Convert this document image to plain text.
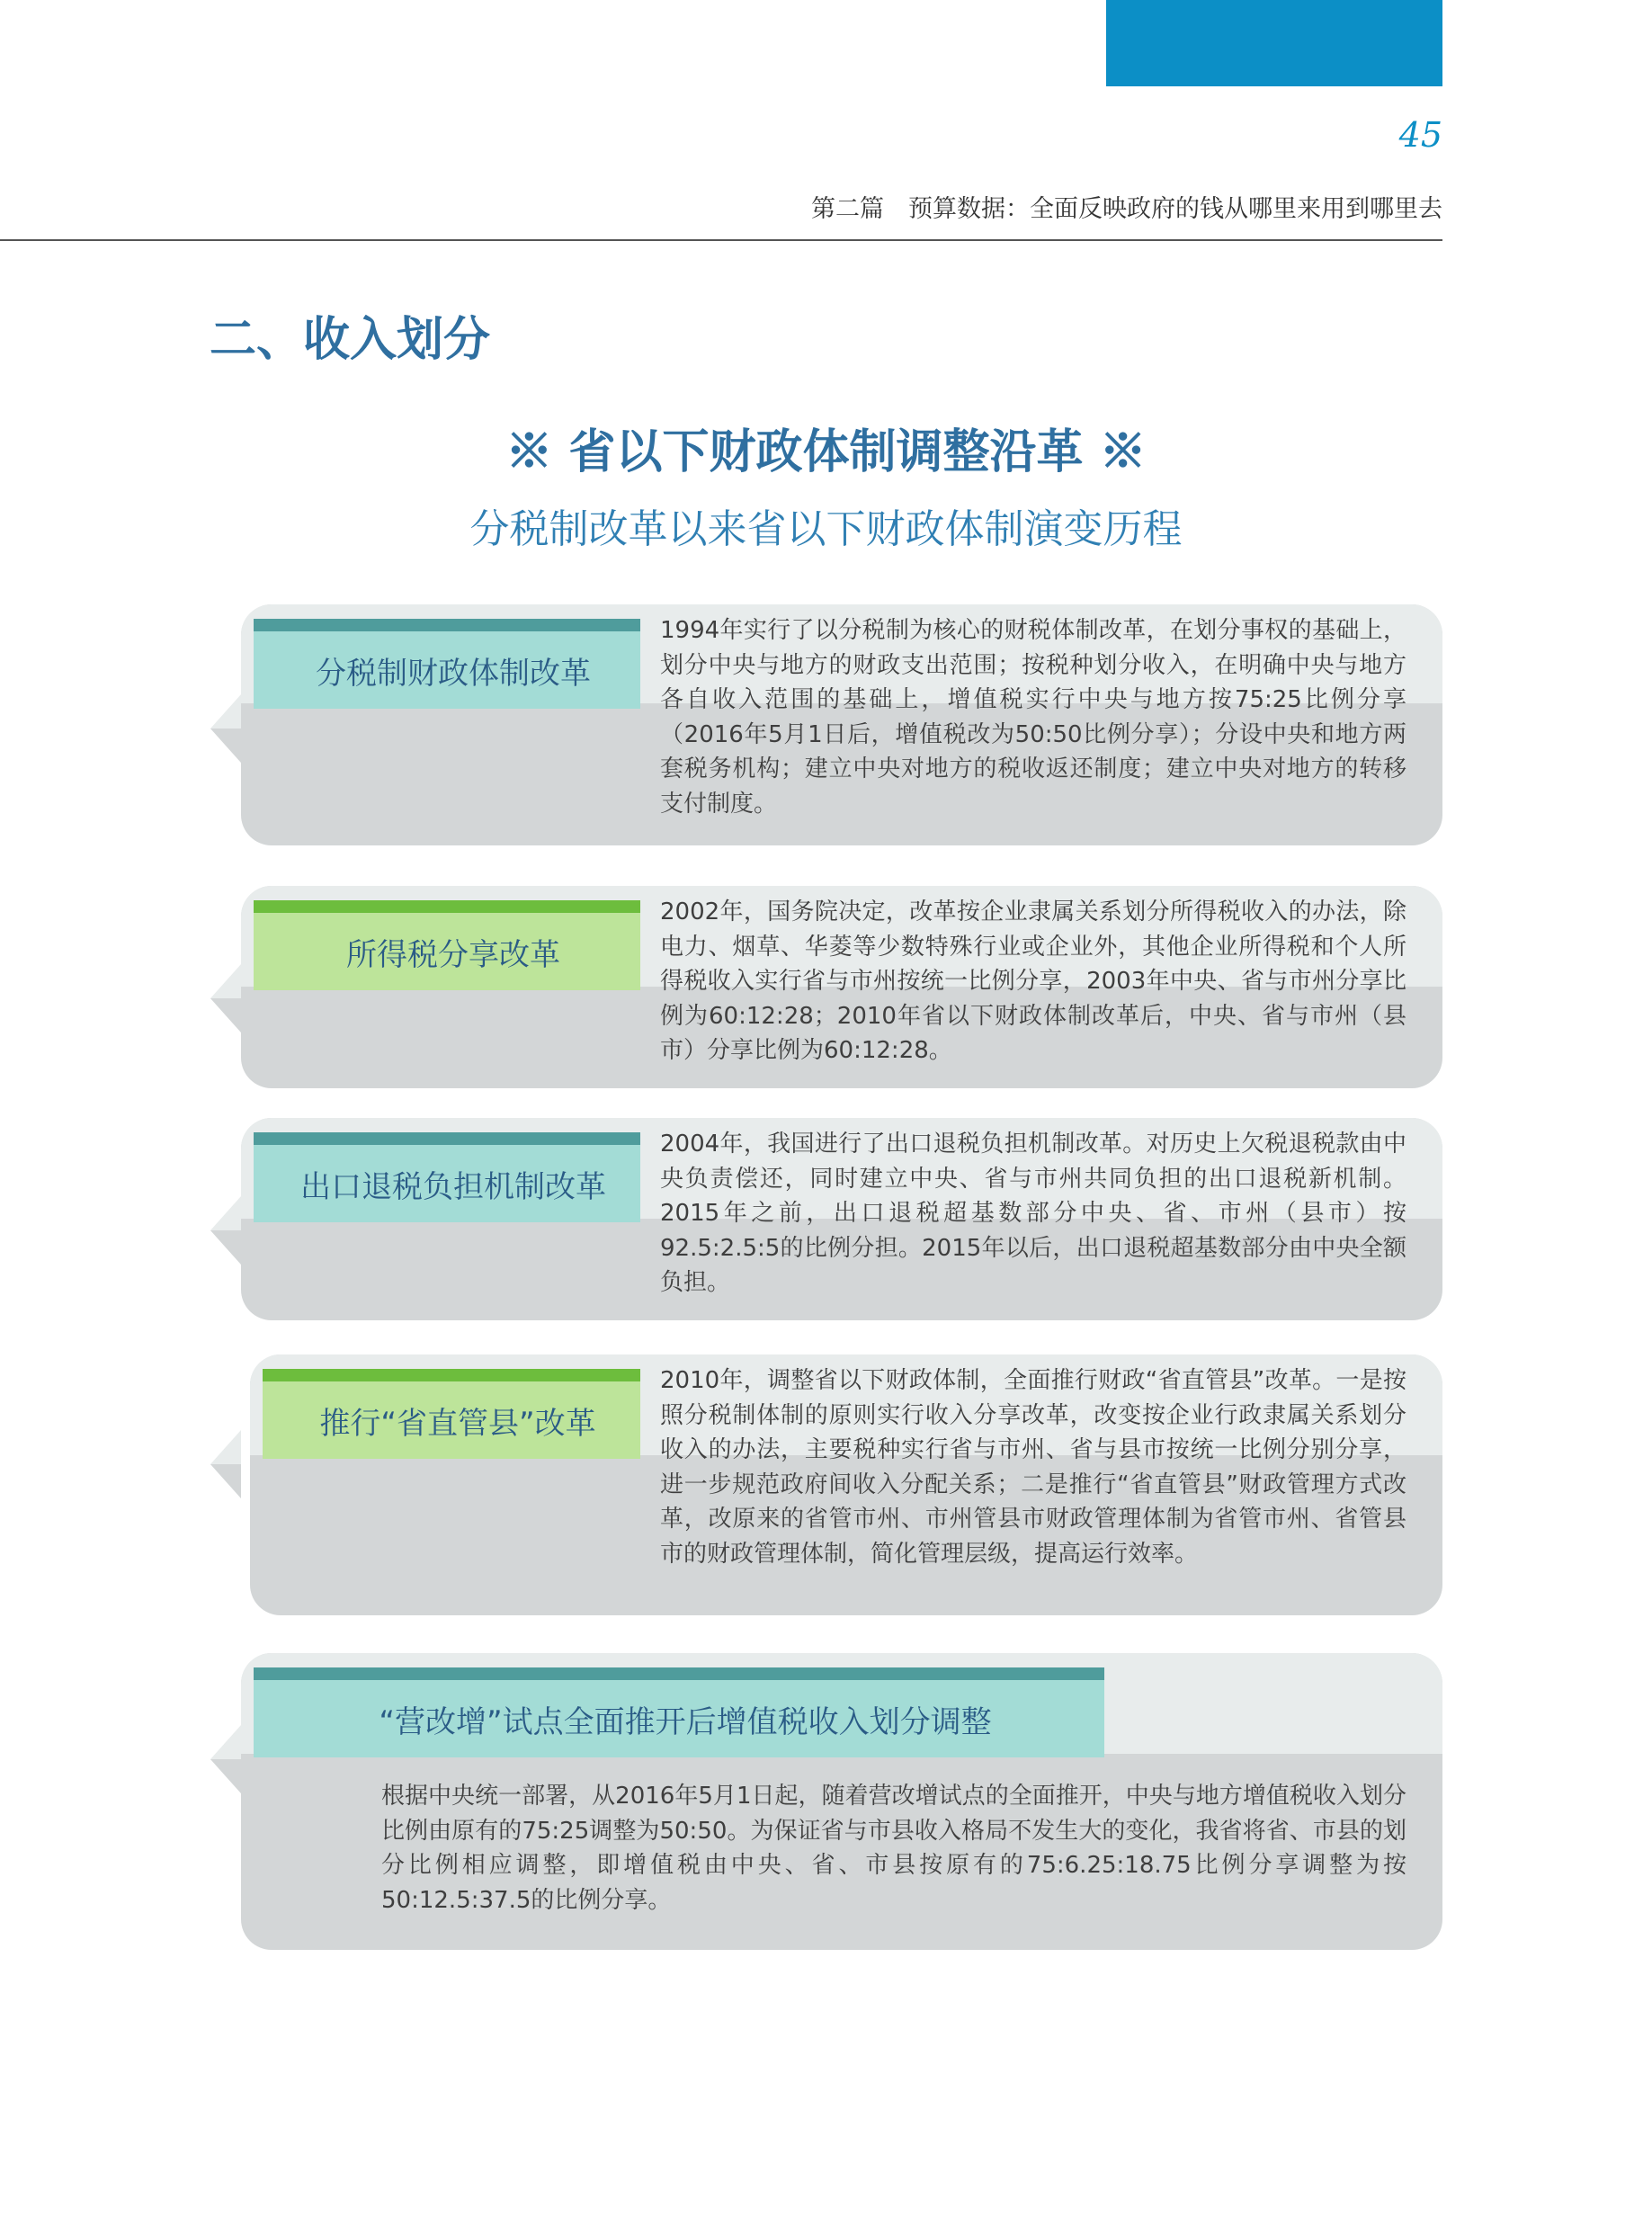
45
第二篇　预算数据：全面反映政府的钱从哪里来用到哪里去
二、收入划分
※ 省以下财政体制调整沿革 ※
分税制改革以来省以下财政体制演变历程
分税制财政体制改革
1994年实行了以分税制为核心的财税体制改革，在划分事权的基础上，划分中央与地方的财政支出范围；按税种划分收入，在明确中央与地方各自收入范围的基础上，增值税实行中央与地方按75:25比例分享（2016年5月1日后，增值税改为50:50比例分享）；分设中央和地方两套税务机构；建立中央对地方的税收返还制度；建立中央对地方的转移支付制度。
所得税分享改革
2002年，国务院决定，改革按企业隶属关系划分所得税收入的办法，除电力、烟草、华菱等少数特殊行业或企业外，其他企业所得税和个人所得税收入实行省与市州按统一比例分享，2003年中央、省与市州分享比例为60:12:28；2010年省以下财政体制改革后，中央、省与市州（县市）分享比例为60:12:28。
出口退税负担机制改革
2004年，我国进行了出口退税负担机制改革。对历史上欠税退税款由中央负责偿还，同时建立中央、省与市州共同负担的出口退税新机制。2015年之前，出口退税超基数部分中央、省、市州（县市）按92.5:2.5:5的比例分担。2015年以后，出口退税超基数部分由中央全额负担。
推行“省直管县”改革
2010年，调整省以下财政体制，全面推行财政“省直管县”改革。一是按照分税制体制的原则实行收入分享改革，改变按企业行政隶属关系划分收入的办法，主要税种实行省与市州、省与县市按统一比例分别分享，进一步规范政府间收入分配关系；二是推行“省直管县”财政管理方式改革，改原来的省管市州、市州管县市财政管理体制为省管市州、省管县市的财政管理体制，简化管理层级，提高运行效率。
“营改增”试点全面推开后增值税收入划分调整
根据中央统一部署，从2016年5月1日起，随着营改增试点的全面推开，中央与地方增值税收入划分比例由原有的75:25调整为50:50。为保证省与市县收入格局不发生大的变化，我省将省、市县的划分比例相应调整，即增值税由中央、省、市县按原有的75:6.25:18.75比例分享调整为按50:12.5:37.5的比例分享。
